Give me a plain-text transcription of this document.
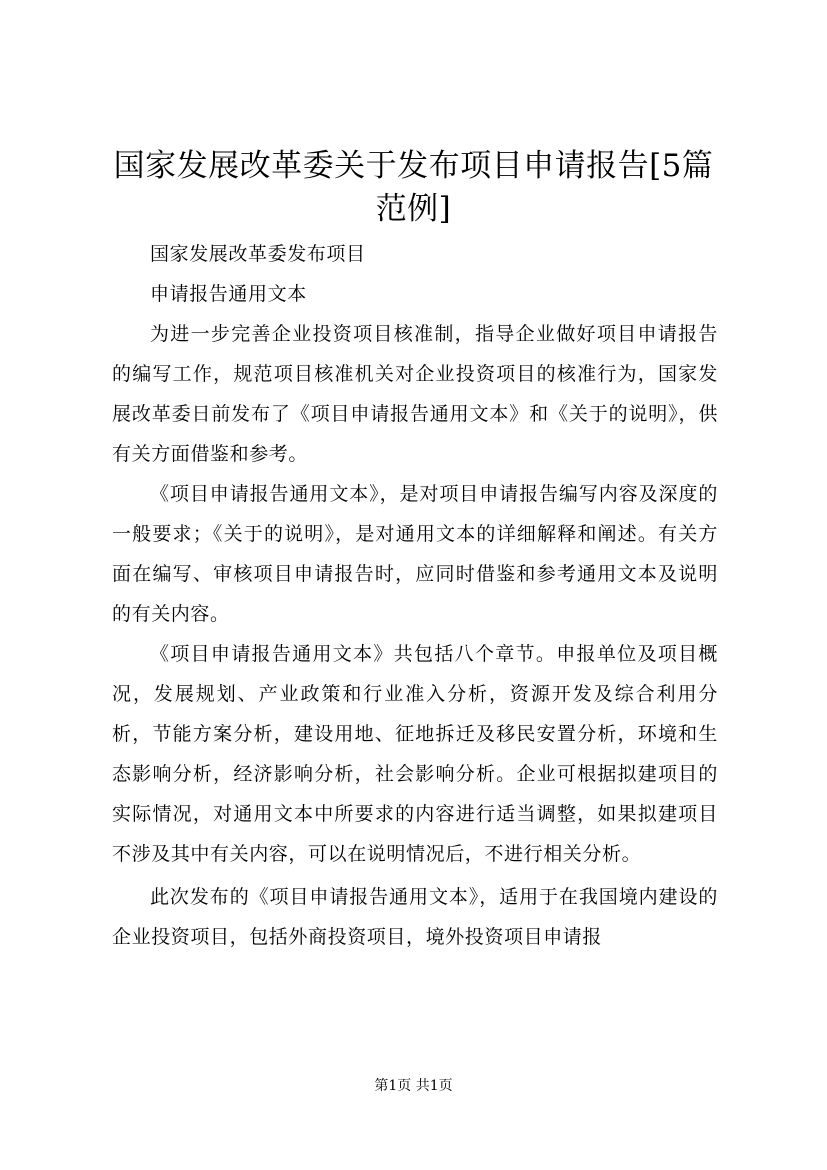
国家发展改革委关于发布项目申请报告[5篇范例]

国家发展改革委发布项目

申请报告通用文本

为进一步完善企业投资项目核准制，指导企业做好项目申请报告的编写工作，规范项目核准机关对企业投资项目的核准行为，国家发展改革委日前发布了《项目申请报告通用文本》和《关于的说明》，供有关方面借鉴和参考。

《项目申请报告通用文本》，是对项目申请报告编写内容及深度的一般要求；《关于的说明》，是对通用文本的详细解释和阐述。有关方面在编写、审核项目申请报告时，应同时借鉴和参考通用文本及说明的有关内容。

《项目申请报告通用文本》共包括八个章节。申报单位及项目概况，发展规划、产业政策和行业准入分析，资源开发及综合利用分析，节能方案分析，建设用地、征地拆迁及移民安置分析，环境和生态影响分析，经济影响分析，社会影响分析。企业可根据拟建项目的实际情况，对通用文本中所要求的内容进行适当调整，如果拟建项目不涉及其中有关内容，可以在说明情况后，不进行相关分析。

此次发布的《项目申请报告通用文本》，适用于在我国境内建设的企业投资项目，包括外商投资项目，境外投资项目申请报

第1页 共1页
